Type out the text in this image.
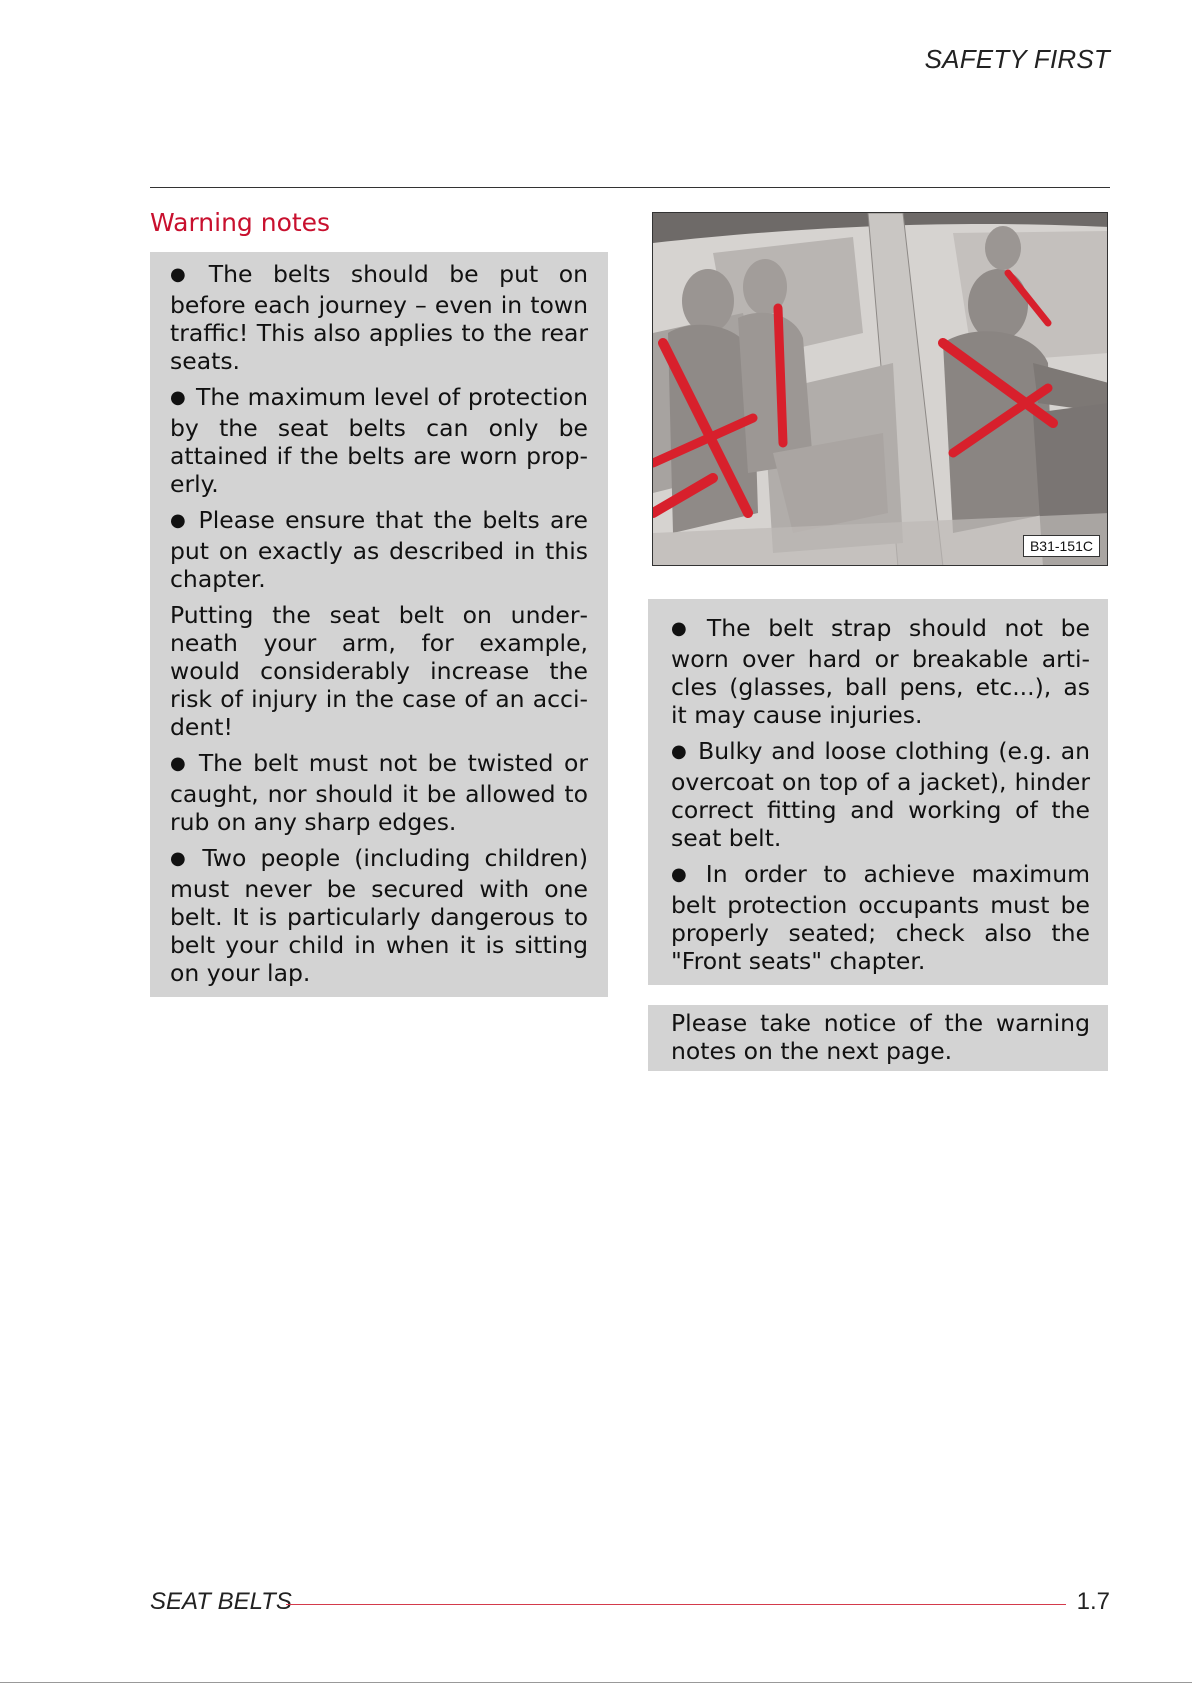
SAFETY FIRST
Warning notes

● The belts should be put on before each journey – even in town traffic! This also applies to the rear seats.

● The maximum level of protection by the seat belts can only be attained if the belts are worn properly.

● Please ensure that the belts are put on exactly as described in this chapter.

Putting the seat belt on underneath your arm, for example, would considerably increase the risk of injury in the case of an accident!

● The belt must not be twisted or caught, nor should it be allowed to rub on any sharp edges.

● Two people (including children) must never be secured with one belt. It is particularly dangerous to belt your child in when it is sitting on your lap.

B31-151C

● The belt strap should not be worn over hard or breakable articles (glasses, ball pens, etc...), as it may cause injuries.

● Bulky and loose clothing (e.g. an overcoat on top of a jacket), hinder correct fitting and working of the seat belt.

● In order to achieve maximum belt protection occupants must be properly seated; check also the "Front seats" chapter.

Please take notice of the warning notes on the next page.

SEAT BELTS	1.7
